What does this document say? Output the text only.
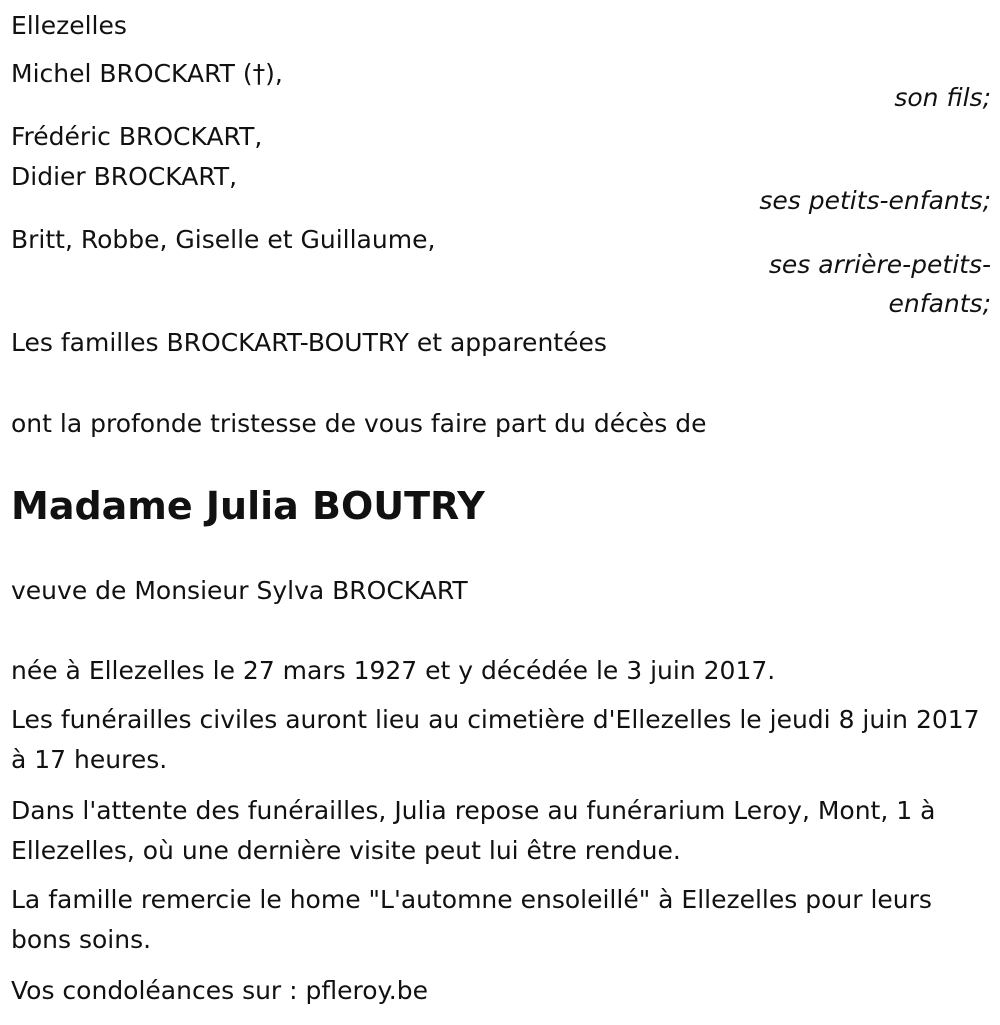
Ellezelles
Michel BROCKART (†),
son fils;
Frédéric BROCKART,
Didier BROCKART,
ses petits-enfants;
Britt, Robbe, Giselle et Guillaume,
ses arrière-petits-
enfants;
Les familles BROCKART-BOUTRY et apparentées
ont la profonde tristesse de vous faire part du décès de
Madame Julia BOUTRY
veuve de Monsieur Sylva BROCKART
née à Ellezelles le 27 mars 1927 et y décédée le 3 juin 2017.
Les funérailles civiles auront lieu au cimetière d'Ellezelles le jeudi 8 juin 2017 à 17 heures.
Dans l'attente des funérailles, Julia repose au funérarium Leroy, Mont, 1 à Ellezelles, où une dernière visite peut lui être rendue.
La famille remercie le home "L'automne ensoleillé" à Ellezelles pour leurs bons soins.
Vos condoléances sur : pfleroy.be
